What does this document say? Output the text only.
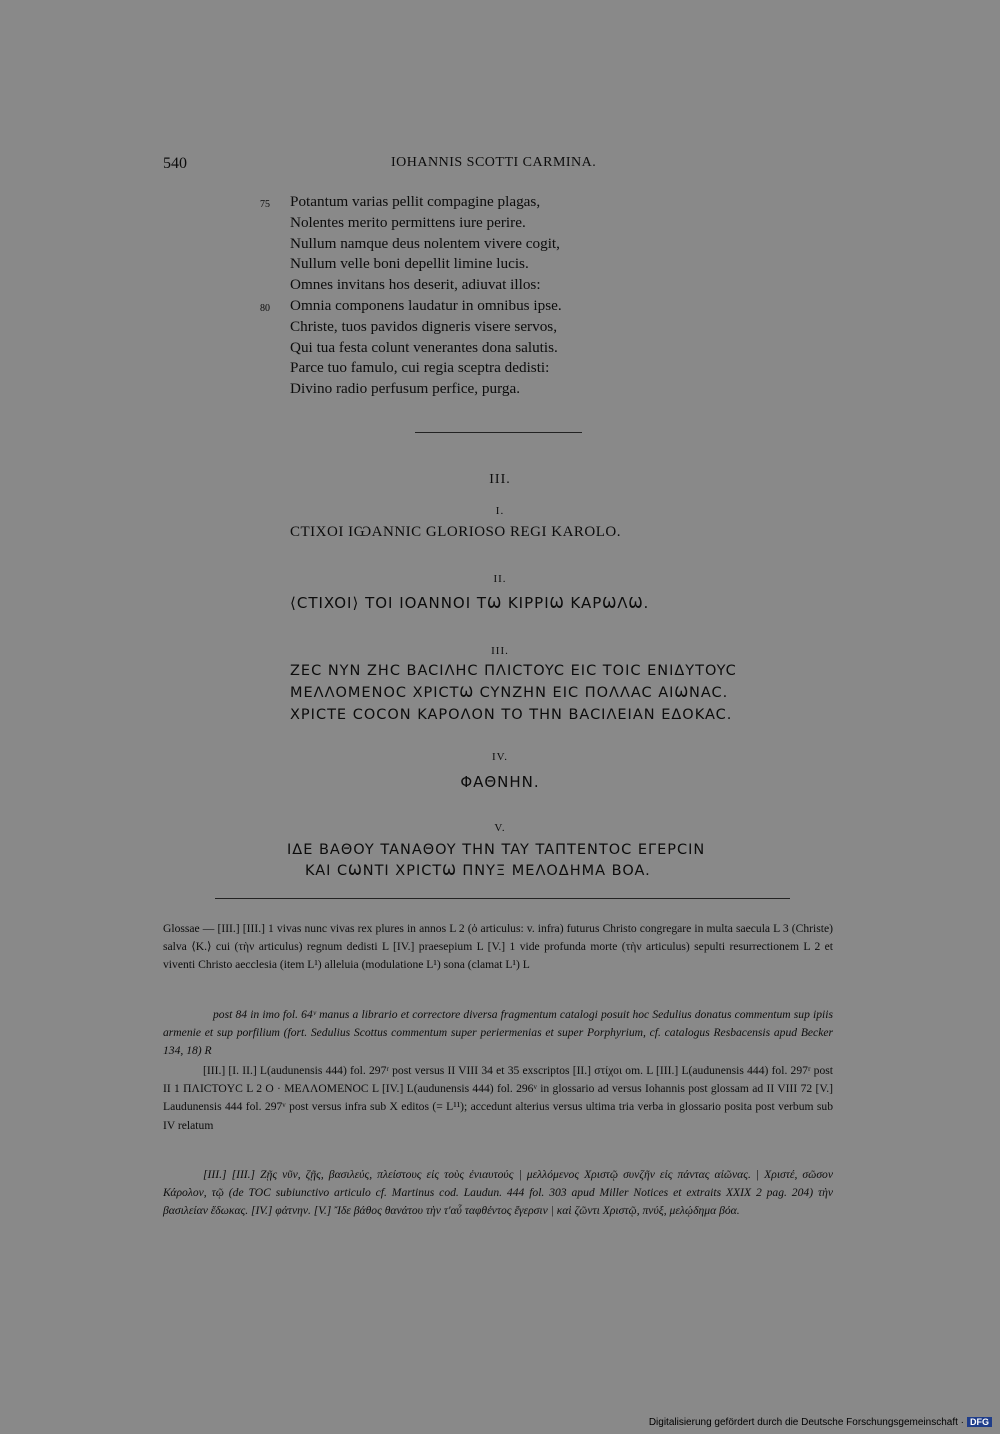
540	IOHANNIS SCOTTI CARMINA.
75 Potantum varias pellit compagine plagas,
Nolentes merito permittens iure perire.
Nullum namque deus nolentem vivere cogit,
Nullum velle boni depellit limine lucis.
Omnes invitans hos deserit, adiuvat illos:
80 Omnia componens laudatur in omnibus ipse.
Christe, tuos pavidos digneris visere servos,
Qui tua festa colunt venerantes dona salutis.
Parce tuo famulo, cui regia sceptra dedisti:
Divino radio perfusum perfice, purga.
III.
I.
CTIXOI IѠANNIC GLORIOSO REGI KAROLO.
II.
⟨CTIXOI⟩ TOI IOANNOI TѠ KIPPIѠ KAPѠΛѠ.
III.
ZEC NYN ZHC BACIΛHC ΠΛICTOYC EIC TOIC ENIΔYTOYC
MEΛΛOMENOC XPICTѠ CYNZHN EIC ΠOΛΛAC AIѠNAC.
XPICTE COCON KAPOΛON TO THN BACIΛEIAN EΔOKAC.
IV.
ΦAΘNHN.
V.
IΔE BAΘOY TANAΘOY THN TAY TAΠTENTOC EΓEPCIN
KAI CѠNTI XPICTѠ ΠNYΞ MEΛOΔHMA BOA.
Glossae — [III.] [III.] 1 vivas nunc vivas rex plures in annos L 2 (ὁ articulus: v. infra) futurus Christo congregare in multa saecula L 3 (Christe) salva ⟨K.⟩ cui (τὴν articulus) regnum dedisti L [IV.] praesepium L [V.] 1 vide profunda morte (τὴν articulus) sepulti resurrectionem L 2 et viventi Christo aecclesia (item L¹) alleluia (modulatione L¹) sona (clamat L¹) L
post 84 in imo fol. 64ᵛ manus a librario et correctore diversa fragmentum catalogi posuit hoc Sedulius donatus commentum sup ipiis armenie et sup porfilium (fort. Sedulius Scottus commentum super periermenias et super Porphyrium, cf. catalogus Resbacensis apud Becker 134, 18) R
[III.] [I. II.] L(audunensis 444) fol. 297ʳ post versus II VIII 34 et 35 exscriptos [II.] στίχοι om. L [III.] L(audunensis 444) fol. 297ʳ post II 1 ΠΛICTOYC L 2 O · MEΛΛOMENOC L [IV.] L(audunensis 444) fol. 296ᵛ in glossario ad versus Iohannis post glossam ad II VIII 72 [V.] Laudunensis 444 fol. 297ᵛ post versus infra sub X editos (= L¹¹); accedunt alterius versus ultima tria verba in glossario posita post verbum sub IV relatum
[III.] [III.] Ζῇς νῦν, ζῇς, βασιλεύς, πλείστους εἰς τοὺς ἐνιαυτούς | μελλόμενος Χριστῷ συνζῆν εἰς πάντας αἰῶνας. | Χριστέ, σῶσον Κάρολον, τῷ (de TOC subiunctivo articulo cf. Martinus cod. Laudun. 444 fol. 303 apud Miller Notices et extraits XXIX 2 pag. 204) τὴν βασιλείαν ἔδωκας. [IV.] φάτνην. [V.] Ἴδε βάθος θανάτου τὴν τ'αὖ ταφθέντος ἔγερσιν | καὶ ζῶντι Χριστῷ, πνύξ, μελῴδημα βόα.
Digitalisierung gefördert durch die Deutsche Forschungsgemeinschaft · DFG
